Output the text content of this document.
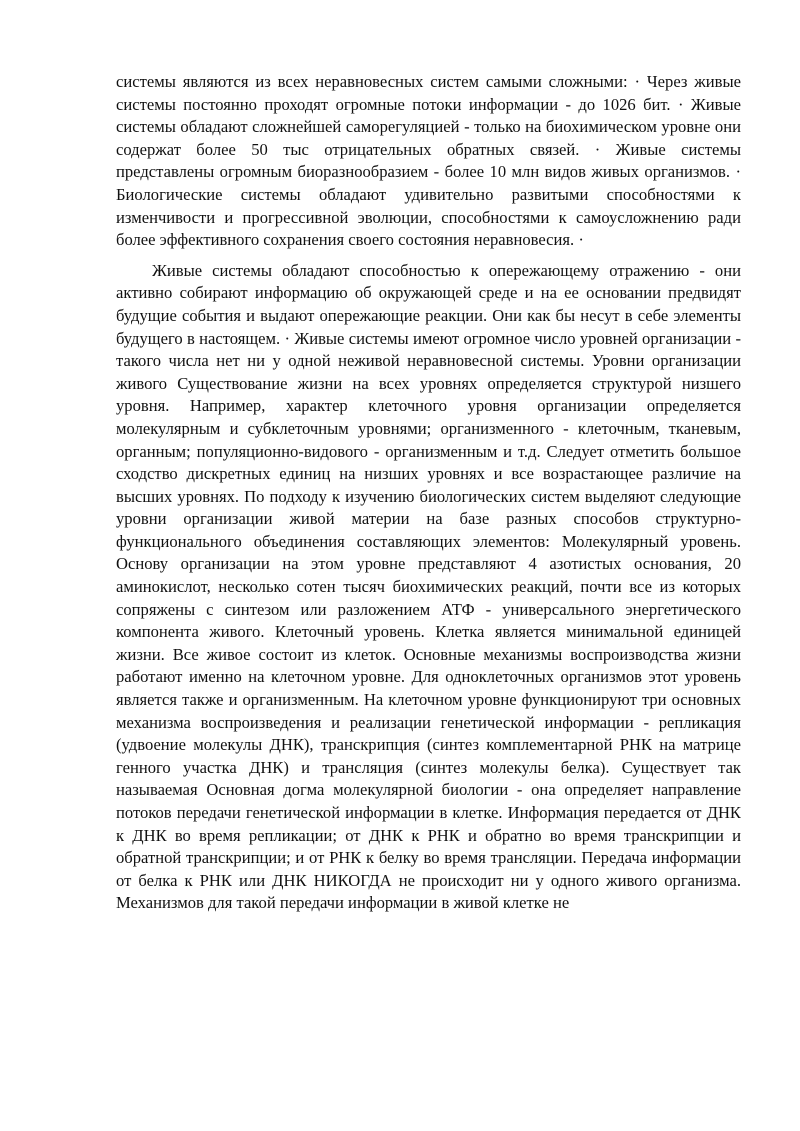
системы являются из всех неравновесных систем самыми сложными: · Через живые системы постоянно проходят огромные потоки информации - до 1026 бит. · Живые системы обладают сложнейшей саморегуляцией - только на биохимическом уровне они содержат более 50 тыс отрицательных обратных связей. · Живые системы представлены огромным биоразнообразием - более 10 млн видов живых организмов. · Биологические системы обладают удивительно развитыми способностями к изменчивости и прогрессивной эволюции, способностями к самоусложнению ради более эффективного сохранения своего состояния неравновесия. ·

Живые системы обладают способностью к опережающему отражению - они активно собирают информацию об окружающей среде и на ее основании предвидят будущие события и выдают опережающие реакции. Они как бы несут в себе элементы будущего в настоящем. · Живые системы имеют огромное число уровней организации - такого числа нет ни у одной неживой неравновесной системы. Уровни организации живого Существование жизни на всех уровнях определяется структурой низшего уровня. Например, характер клеточного уровня организации определяется молекулярным и субклеточным уровнями; организменного - клеточным, тканевым, органным; популяционно-видового - организменным и т.д. Следует отметить большое сходство дискретных единиц на низших уровнях и все возрастающее различие на высших уровнях. По подходу к изучению биологических систем выделяют следующие уровни организации живой материи на базе разных способов структурно-функционального объединения составляющих элементов: Молекулярный уровень. Основу организации на этом уровне представляют 4 азотистых основания, 20 аминокислот, несколько сотен тысяч биохимических реакций, почти все из которых сопряжены с синтезом или разложением АТФ - универсального энергетического компонента живого. Клеточный уровень. Клетка является минимальной единицей жизни. Все живое состоит из клеток. Основные механизмы воспроизводства жизни работают именно на клеточном уровне. Для одноклеточных организмов этот уровень является также и организменным. На клеточном уровне функционируют три основных механизма воспроизведения и реализации генетической информации - репликация (удвоение молекулы ДНК), транскрипция (синтез комплементарной РНК на матрице генного участка ДНК) и трансляция (синтез молекулы белка). Существует так называемая Основная догма молекулярной биологии - она определяет направление потоков передачи генетической информации в клетке. Информация передается от ДНК к ДНК во время репликации; от ДНК к РНК и обратно во время транскрипции и обратной транскрипции; и от РНК к белку во время трансляции. Передача информации от белка к РНК или ДНК НИКОГДА не происходит ни у одного живого организма. Механизмов для такой передачи информации в живой клетке не
